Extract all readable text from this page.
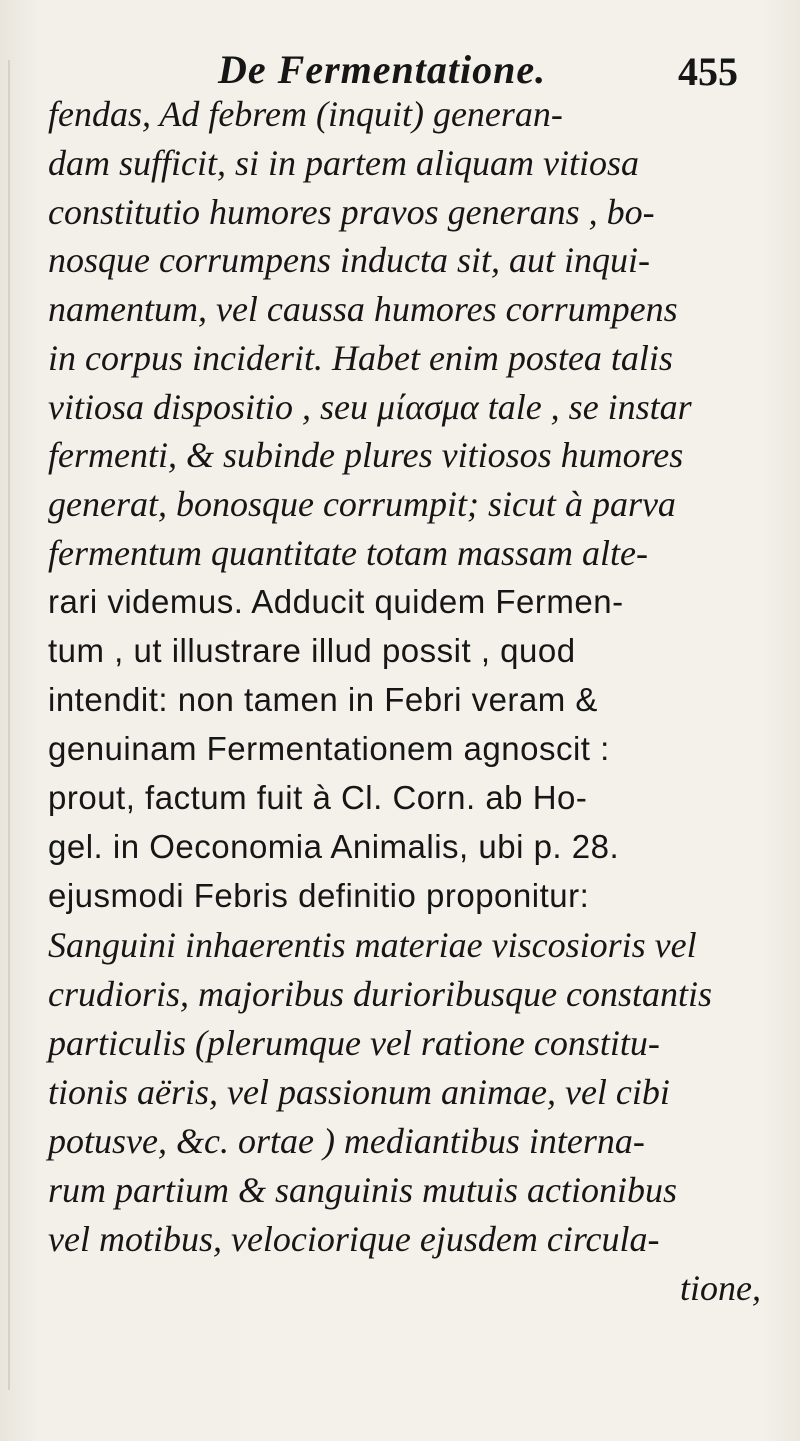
De Fermentatione.	455
fendas, Ad febrem (inquit) generan-
dam sufficit, si in partem aliquam vitiosa
constitutio humores pravos generans , bo-
nosque corrumpens inducta sit, aut inqui-
namentum, vel caussa humores corrumpens
in corpus inciderit. Habet enim postea talis
vitiosa dispositio , seu μίασμα tale , se instar
fermenti, & subinde plures vitiosos humores
generat, bonosque corrumpit; sicut à parva
fermentum quantitate totam massam alte-
rari videmus. Adducit quidem Fermen-
tum , ut illustrare illud possit , quod
intendit: non tamen in Febri veram &
genuinam Fermentationem agnoscit :
prout, factum fuit à Cl. Corn. ab Ho-
gel. in Oeconomia Animalis, ubi p. 28.
ejusmodi Febris definitio proponitur:
Sanguini inhaerentis materiae viscosioris vel
crudioris, majoribus durioribusque constantis
particulis (plerumque vel ratione constitu-
tionis aëris, vel passionum animae, vel cibi
potusve, &c. ortae ) mediantibus interna-
rum partium & sanguinis mutuis actionibus
vel motibus, velociorique ejusdem circula-
tione,
